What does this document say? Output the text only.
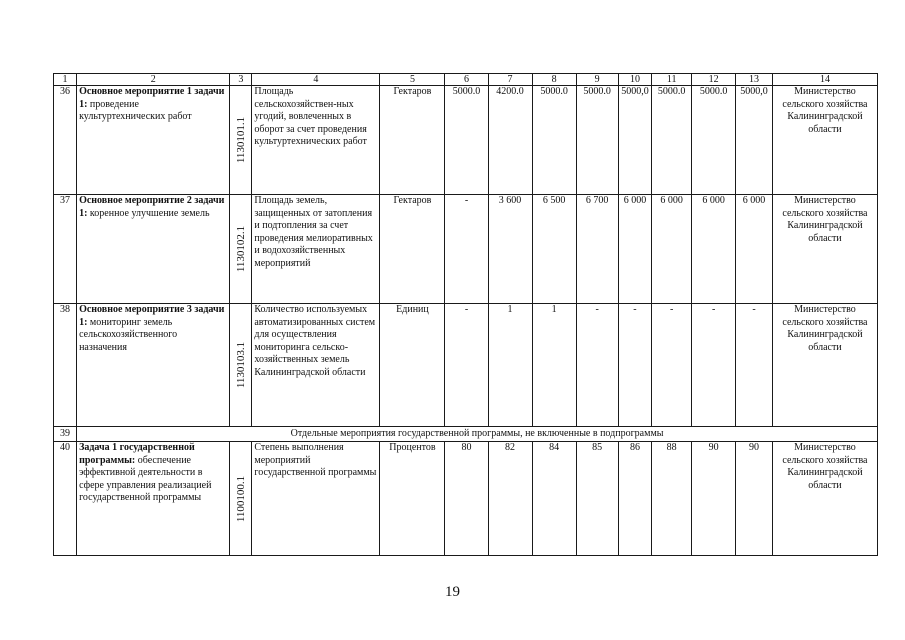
1	2	3	4	5	6	7	8	9	10	11	12	13	14
36	Основное мероприятие 1 задачи 1: проведение культуртехнических работ	1130101.1	Площадь сельскохозяйствен-ных угодий, вовлеченных в оборот за счет проведения культуртехнических работ	Гектаров	5000.0	4200.0	5000.0	5000.0	5000,0	5000.0	5000.0	5000,0	Министерство сельского хозяйства Калининградской области
37	Основное мероприятие 2 задачи 1: коренное улучшение земель	1130102.1	Площадь земель, защищенных от затопления и подтопления за счет проведения мелиоративных и водохозяйственных мероприятий	Гектаров	-	3 600	6 500	6 700	6 000	6 000	6 000	6 000	Министерство сельского хозяйства Калининградской области
38	Основное мероприятие 3 задачи 1: мониторинг земель сельскохозяйственного назначения	1130103.1	Количество используемых автоматизированных систем для осуществления мониторинга сельско-хозяйственных земель Калининградской области	Единиц	-	1	1	-	-	-	-	-	Министерство сельского хозяйства Калининградской области
39	Отдельные мероприятия государственной программы, не включенные в подпрограммы												
40	Задача 1 государственной программы: обеспечение эффективной деятельности в сфере управления реализацией государственной программы	1100100.1	Степень выполнения мероприятий государственной программы	Процентов	80	82	84	85	86	88	90	90	Министерство сельского хозяйства Калининградской области
19
